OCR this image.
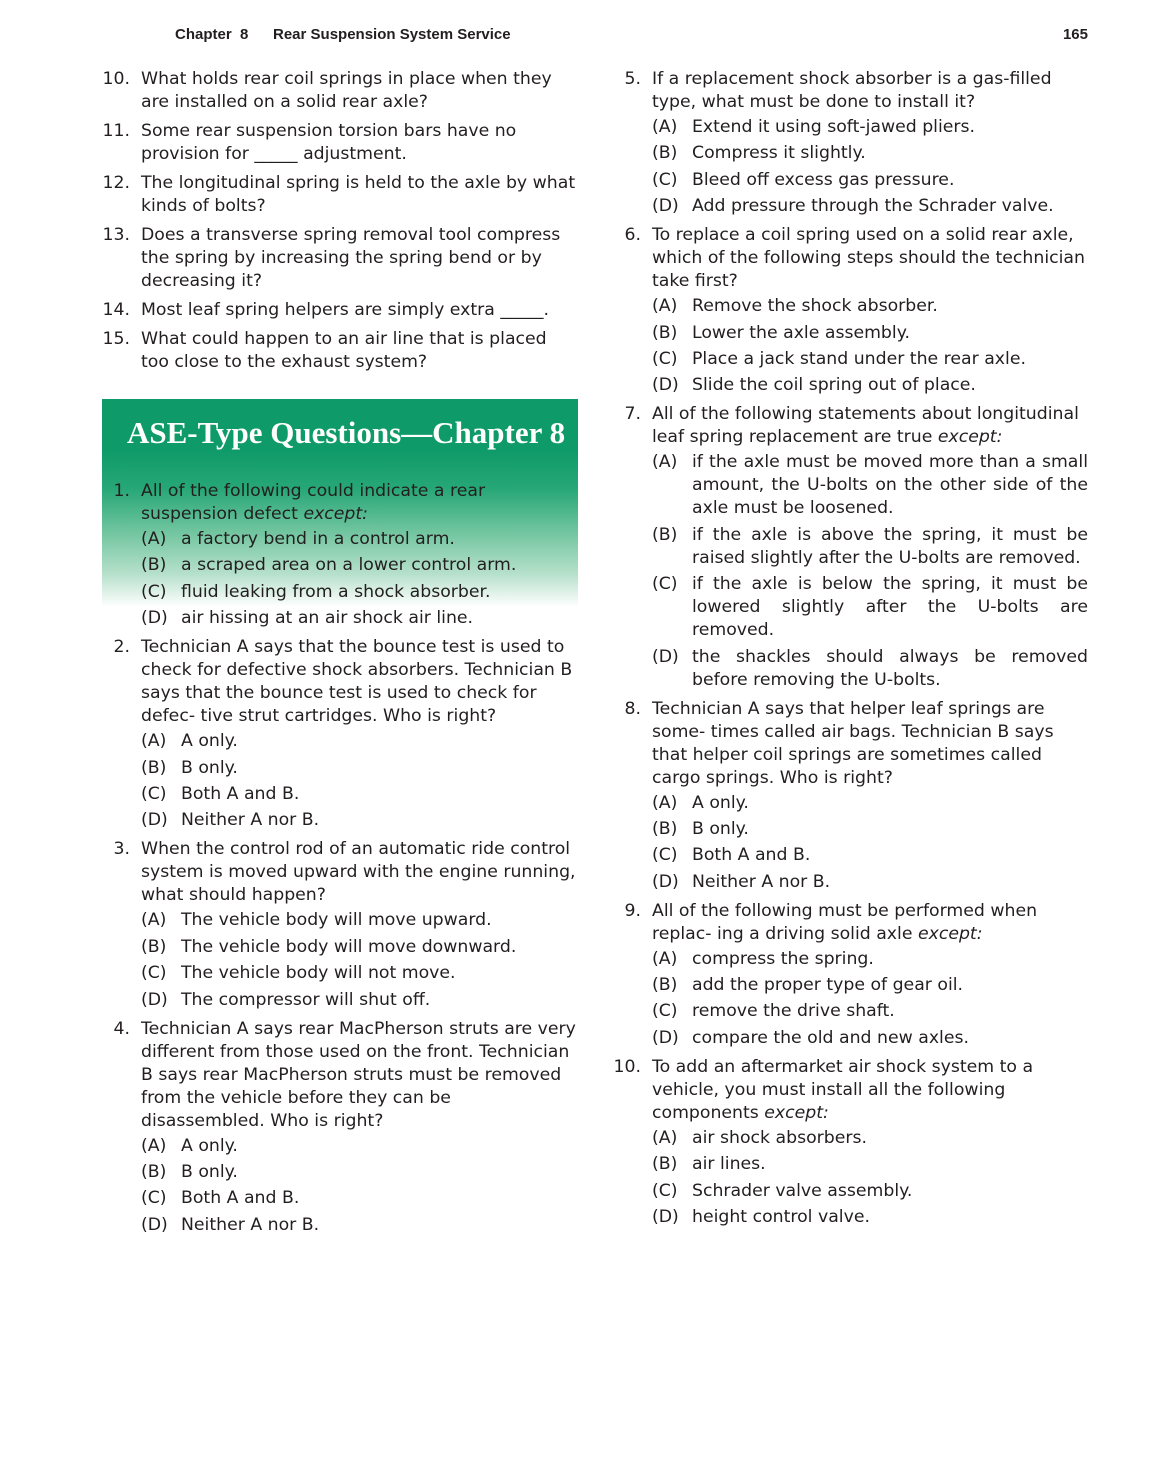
Chapter  8 Rear Suspension System Service	165
10. What holds rear coil springs in place when they are installed on a solid rear axle?
11. Some rear suspension torsion bars have no provision for _____ adjustment.
12. The longitudinal spring is held to the axle by what kinds of bolts?
13. Does a transverse spring removal tool compress the spring by increasing the spring bend or by decreasing it?
14. Most leaf spring helpers are simply extra _____.
15. What could happen to an air line that is placed too close to the exhaust system?
ASE-Type Questions—Chapter 8
1. All of the following could indicate a rear suspension defect except:
(A) a factory bend in a control arm.
(B) a scraped area on a lower control arm.
(C) fluid leaking from a shock absorber.
(D) air hissing at an air shock air line.
2. Technician A says that the bounce test is used to check for defective shock absorbers. Technician B says that the bounce test is used to check for defec- tive strut cartridges. Who is right?
(A) A only.
(B) B only.
(C) Both A and B.
(D) Neither A nor B.
3. When the control rod of an automatic ride control system is moved upward with the engine running, what should happen?
(A) The vehicle body will move upward.
(B) The vehicle body will move downward.
(C) The vehicle body will not move.
(D) The compressor will shut off.
4. Technician A says rear MacPherson struts are very different from those used on the front. Technician B says rear MacPherson struts must be removed from the vehicle before they can be disassembled. Who is right?
(A) A only.
(B) B only.
(C) Both A and B.
(D) Neither A nor B.
5. If a replacement shock absorber is a gas-filled type, what must be done to install it?
(A) Extend it using soft-jawed pliers.
(B) Compress it slightly.
(C) Bleed off excess gas pressure.
(D) Add pressure through the Schrader valve.
6. To replace a coil spring used on a solid rear axle, which of the following steps should the technician take first?
(A) Remove the shock absorber.
(B) Lower the axle assembly.
(C) Place a jack stand under the rear axle.
(D) Slide the coil spring out of place.
7. All of the following statements about longitudinal leaf spring replacement are true except:
(A) if the axle must be moved more than a small amount, the U-bolts on the other side of the axle must be loosened.
(B) if the axle is above the spring, it must be raised slightly after the U-bolts are removed.
(C) if the axle is below the spring, it must be lowered slightly after the U-bolts are removed.
(D) the shackles should always be removed before removing the U-bolts.
8. Technician A says that helper leaf springs are some- times called air bags. Technician B says that helper coil springs are sometimes called cargo springs. Who is right?
(A) A only.
(B) B only.
(C) Both A and B.
(D) Neither A nor B.
9. All of the following must be performed when replac- ing a driving solid axle except:
(A) compress the spring.
(B) add the proper type of gear oil.
(C) remove the drive shaft.
(D) compare the old and new axles.
10. To add an aftermarket air shock system to a vehicle, you must install all the following components except:
(A) air shock absorbers.
(B) air lines.
(C) Schrader valve assembly.
(D) height control valve.
